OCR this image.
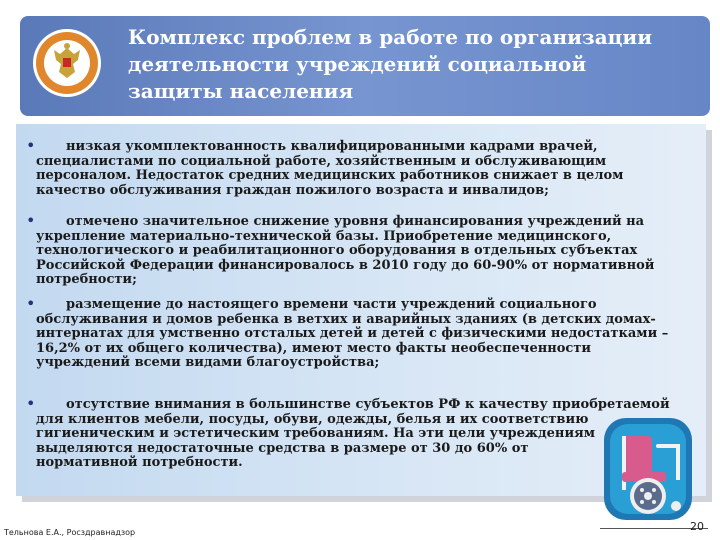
Комплекс проблем в работе по организации
деятельности учреждений социальной
защиты населения
•	низкая укомплектованность квалифицированными кадрами врачей,
специалистами по социальной работе, хозяйственным и обслуживающим
персоналом. Недостаток средних медицинских работников снижает в целом
качество обслуживания граждан пожилого возраста и инвалидов;
•	отмечено значительное снижение уровня финансирования учреждений на
укрепление материально-технической базы. Приобретение медицинского,
технологического и реабилитационного оборудования в отдельных субъектах
Российской Федерации финансировалось в 2010 году до 60-90% от нормативной
потребности;
•	размещение до настоящего времени части учреждений социального
обслуживания и домов ребенка в ветхих и аварийных зданиях (в детских домах-
интернатах для умственно отсталых детей и детей с физическими недостатками –
16,2% от их общего количества), имеют место факты необеспеченности
учреждений всеми видами благоустройства;
•	отсутствие внимания в большинстве субъектов РФ к качеству приобретаемой
для клиентов мебели, посуды, обуви, одежды, белья и их соответствию
гигиеническим и эстетическим требованиям. На эти цели учреждениям
выделяются недостаточные средства в размере от 30 до 60% от
нормативной потребности.
Тельнова Е.А., Росздравнадзор	20
